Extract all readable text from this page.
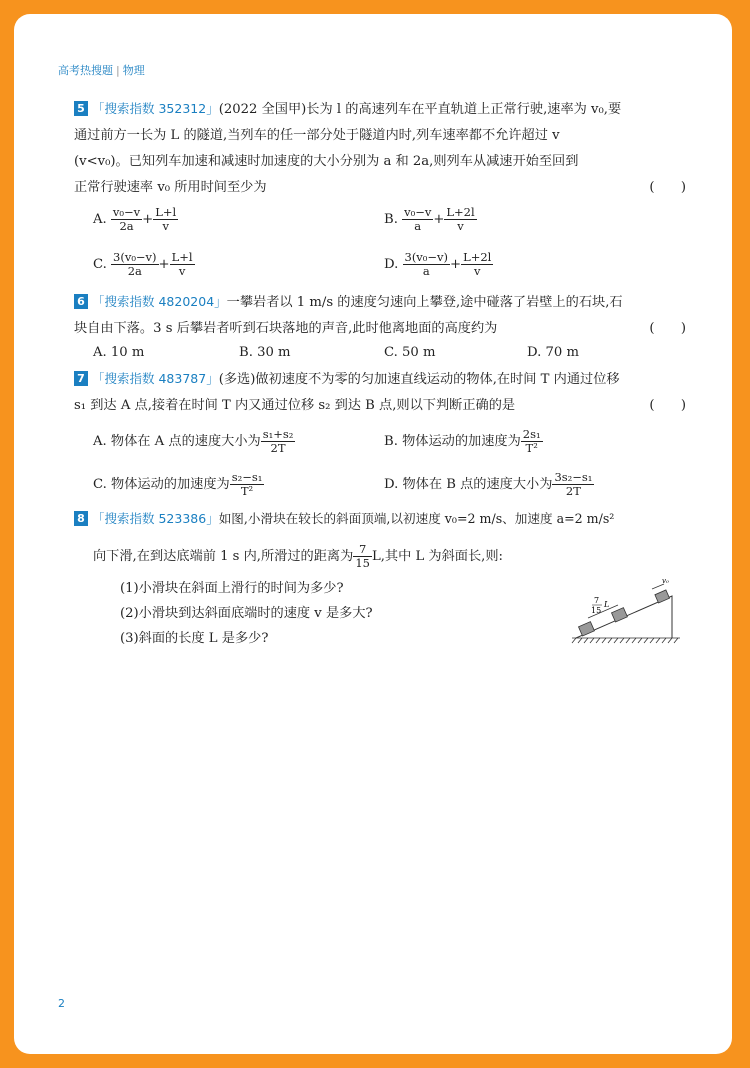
高考热搜题 | 物理
5 「搜索指数 352312」(2022 全国甲)长为 l 的高速列车在平直轨道上正常行驶,速率为 v₀,要
通过前方一长为 L 的隧道,当列车的任一部分处于隧道内时,列车速率都不允许超过 v
(v<v₀)。已知列车加速和减速时加速度的大小分别为 a 和 2a,则列车从减速开始至回到
正常行驶速率 v₀ 所用时间至少为	(　　)
A. $\frac{\text{v₀−v}}{2a} + \frac{L+l}{v}$	B. $\frac{\text{v₀−v}}{a} + \frac{L+2l}{v}$
C. $\frac{\text{3(v₀−v)}}{2a} + \frac{L+l}{v}$	D. $\frac{\text{3(v₀−v)}}{a} + \frac{L+2l}{v}$
6 「搜索指数 4820204」一攀岩者以 1 m/s 的速度匀速向上攀登,途中碰落了岩壁上的石块,石
块自由下落。3 s 后攀岩者听到石块落地的声音,此时他离地面的高度约为	(　　)
A. 10 m	B. 30 m	C. 50 m	D. 70 m
7 「搜索指数 483787」(多选)做初速度不为零的匀加速直线运动的物体,在时间 T 内通过位移
s₁ 到达 A 点,接着在时间 T 内又通过位移 s₂ 到达 B 点,则以下判断正确的是	(　　)
A. 物体在 A 点的速度大小为 $\frac{\text{s₁+s₂}}{2T}$	B. 物体运动的加速度为 $\frac{\text{2s₁}}{\text{T²}}$
C. 物体运动的加速度为 $\frac{\text{s₂−s₁}}{\text{T²}}$	D. 物体在 B 点的速度大小为 $\frac{\text{3s₂−s₁}}{2T}$
8 「搜索指数 523386」如图,小滑块在较长的斜面顶端,以初速度 v₀=2 m/s、加速度 a=2 m/s²
向下滑,在到达底端前 1 s 内,所滑过的距离为 $\frac{7}{15} L$,其中 L 为斜面长,则:
(1)小滑块在斜面上滑行的时间为多少?
(2)小滑块到达斜面底端时的速度 v 是多大?
(3)斜面的长度 L 是多少?
v₀
7
15
L
2
